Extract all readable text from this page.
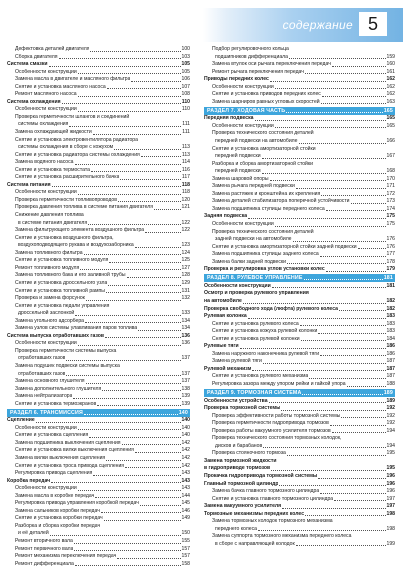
содержание 5
Дефектовка деталей двигателя	100
Сборка двигателя	103
Система смазки	105
Особенности конструкции	105
Замена масла в двигателе и масляного фильтра	106
Снятие и установка масляного насоса	107
Ремонт масляного насоса	108
Система охлаждения	110
Особенности конструкции	110
Проверка герметичности шлангов и соединений
системы охлаждения	111
Замена охлаждающей жидкости	111
Снятие и установка электровентилятора радиатора
системы охлаждения в сборе с кожухом	113
Снятие и установка радиатора системы охлаждения	113
Замена водяного насоса	114
Снятие и установка термостата	116
Снятие и установка расширительного бачка	117
Система питания	118
Особенности конструкции	118
Проверка герметичности топливопроводов	120
Проверка давления топлива в системе питания двигателя	121
Снижение давления топлива
в системе питания двигателя	122
Замена фильтрующего элемента воздушного фильтра	122
Снятие и установка воздушного фильтра,
воздухоподводящего рукава и воздухозаборника	123
Замена топливного фильтра	124
Снятие и установка топливного модуля	125
Ремонт топливного модуля	127
Замена топливного бака и его заливной трубы	128
Снятие и установка дроссельного узла	129
Снятие и установка топливной рампы	131
Проверка и замена форсунок	132
Снятие и установка педали управления
дроссельной заслонкой	133
Замена угольного адсорбера	134
Замена узлов системы улавливания паров топлива	134
Система выпуска отработавших газов	136
Особенности конструкции	136
Проверка герметичности системы выпуска
отработавших газов	137
Замена подушек подвески системы выпуска
отработавших газов	137
Замена основного глушителя	137
Замена дополнительного глушителя	138
Замена нейтрализатора	139
Снятие и установка термоэкранов	139
РАЗДЕЛ 6. ТРАНСМИССИЯ	140
Сцепление	140
Особенности конструкции	140
Снятие и установка сцепления	140
Замена подшипника выключения сцепления	142
Снятие и установка вилки выключения сцепления	142
Замена вилки выключения сцепления	142
Снятие и установка троса привода сцепления	142
Регулировка привода сцепления	143
Коробка передач	143
Особенности конструкции	143
Замена масла в коробке передач	144
Регулировка привода управления коробкой передач	145
Замена сальников коробки передач	146
Снятие и установка коробки передач	149
Разборка и сборка коробки передач
и её деталей	150
Ремонт вторичного вала	155
Ремонт первичного вала	157
Ремонт механизма переключения передач	157
Ремонт дифференциала	158
Подбор регулировочного кольца
подшипников дифференциала	159
Замена втулок оси рычага переключения передач	160
Ремонт рычага переключения передач	161
Приводы передних колес	162
Особенности конструкции	162
Снятие и установка приводов передних колес	162
Замена шарниров равных угловых скоростей	163
РАЗДЕЛ 7. ХОДОВАЯ ЧАСТЬ	165
Передняя подвеска	165
Особенности конструкции	165
Проверка технического состояния деталей
передней подвески на автомобиле	166
Снятие и установка амортизаторной стойки
передней подвески	167
Разборка и сборка амортизаторной стойки
передней подвески	168
Замена шаровой опоры	170
Замена рычага передней подвески	171
Замена растяжек и кронштейна их крепления	172
Замена деталей стабилизатора поперечной устойчивости	173
Замена подшипника ступицы переднего колеса	174
Задняя подвеска	175
Особенности конструкции	175
Проверка технического состояния деталей
задней подвески на автомобиле	176
Снятие и установка амортизаторной стойки задней подвески	176
Замена подшипника ступицы заднего колеса	177
Замена балки задней подвески	178
Проверка и регулировка углов установки колес	179
РАЗДЕЛ 8. РУЛЕВОЕ УПРАВЛЕНИЕ	181
Особенности конструкции	181
Осмотр и проверка рулевого управления
на автомобиле	182
Проверка свободного хода (люфта) рулевого колеса	182
Рулевая колонка	183
Снятие и установка рулевого колеса	183
Снятие и установка кожуха рулевой колонки	183
Снятие и установка рулевой колонки	184
Рулевые тяги	186
Замена наружного наконечника рулевой тяги	186
Замена рулевой тяги	187
Рулевой механизм	187
Снятие и установка рулевого механизма	187
Регулировка зазора между упором рейки и гайкой упора	188
РАЗДЕЛ 9. ТОРМОЗНАЯ СИСТЕМА	189
Особенности устройства	189
Проверка тормозной системы	192
Проверка эффективности работы тормозной системы	192
Проверка герметичности гидропривода тормозов	192
Проверка работы вакуумного усилителя тормозов	194
Проверка технического состояния тормозных колодок,
дисков и барабанов	194
Проверка стояночного тормоза	195
Замена тормозной жидкости
в гидроприводе тормозов	195
Прокачка гидропривода тормозной системы	196
Главный тормозной цилиндр	196
Замена бачка главного тормозного цилиндра	196
Снятие и установка главного тормозного цилиндра	197
Замена вакуумного усилителя	197
Тормозные механизмы передних колес	198
Замена тормозных колодок тормозного механизма
переднего колеса	198
Замена суппорта тормозного механизма переднего колеса
в сборе с направляющей колодок	199
